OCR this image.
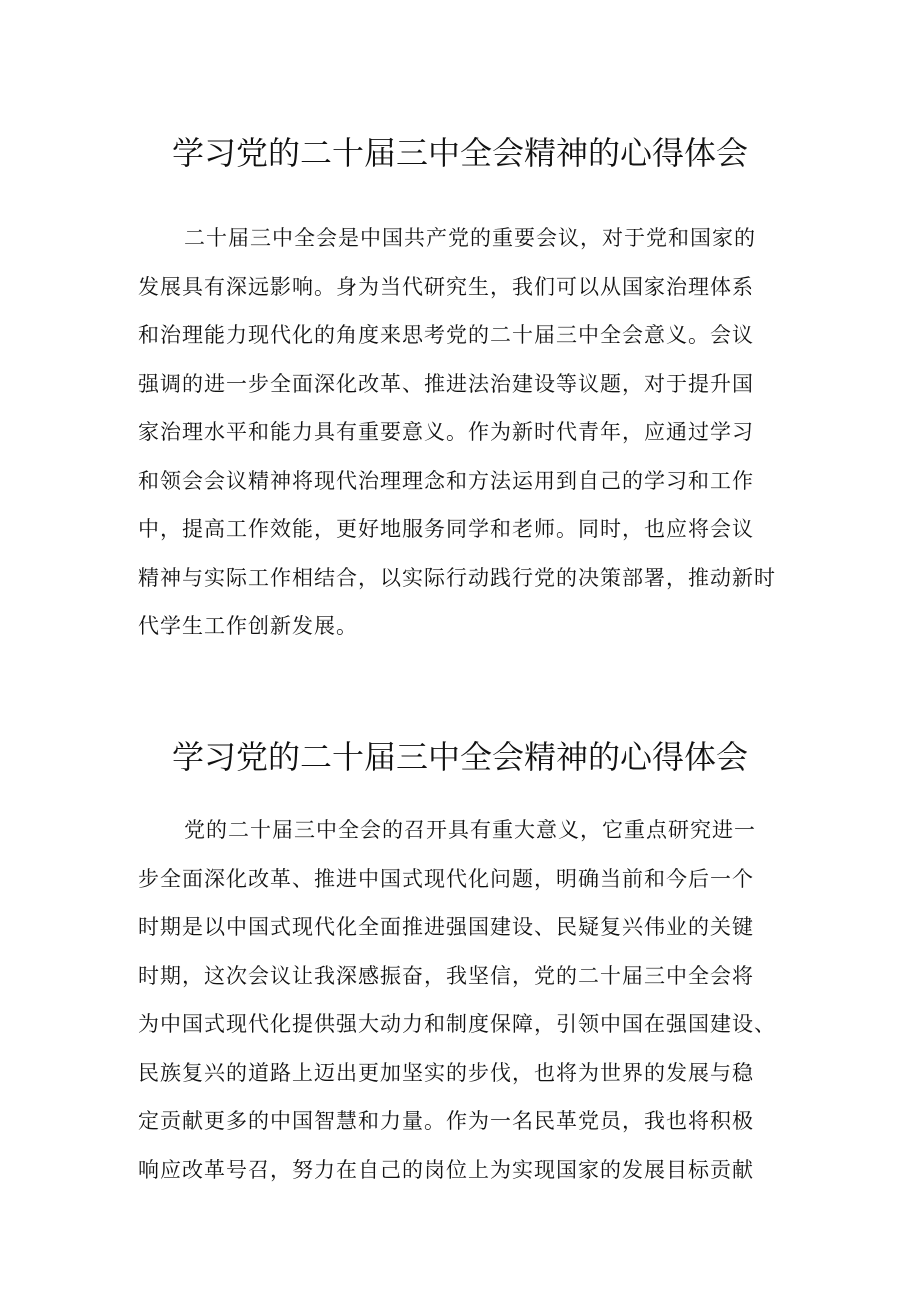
学习党的二十届三中全会精神的心得体会
二十届三中全会是中国共产党的重要会议，对于党和国家的
发展具有深远影响。身为当代研究生，我们可以从国家治理体系
和治理能力现代化的角度来思考党的二十届三中全会意义。会议
强调的进一步全面深化改革、推进法治建设等议题，对于提升国
家治理水平和能力具有重要意义。作为新时代青年，应通过学习
和领会会议精神将现代治理理念和方法运用到自己的学习和工作
中，提高工作效能，更好地服务同学和老师。同时，也应将会议
精神与实际工作相结合，以实际行动践行党的决策部署，推动新时
代学生工作创新发展。
学习党的二十届三中全会精神的心得体会
党的二十届三中全会的召开具有重大意义，它重点研究进一
步全面深化改革、推进中国式现代化问题，明确当前和今后一个
时期是以中国式现代化全面推进强国建设、民疑复兴伟业的关键
时期，这次会议让我深感振奋，我坚信，党的二十届三中全会将
为中国式现代化提供强大动力和制度保障，引领中国在强国建设、
民族复兴的道路上迈出更加坚实的步伐，也将为世界的发展与稳
定贡献更多的中国智慧和力量。作为一名民革党员，我也将积极
响应改革号召，努力在自己的岗位上为实现国家的发展目标贡献
